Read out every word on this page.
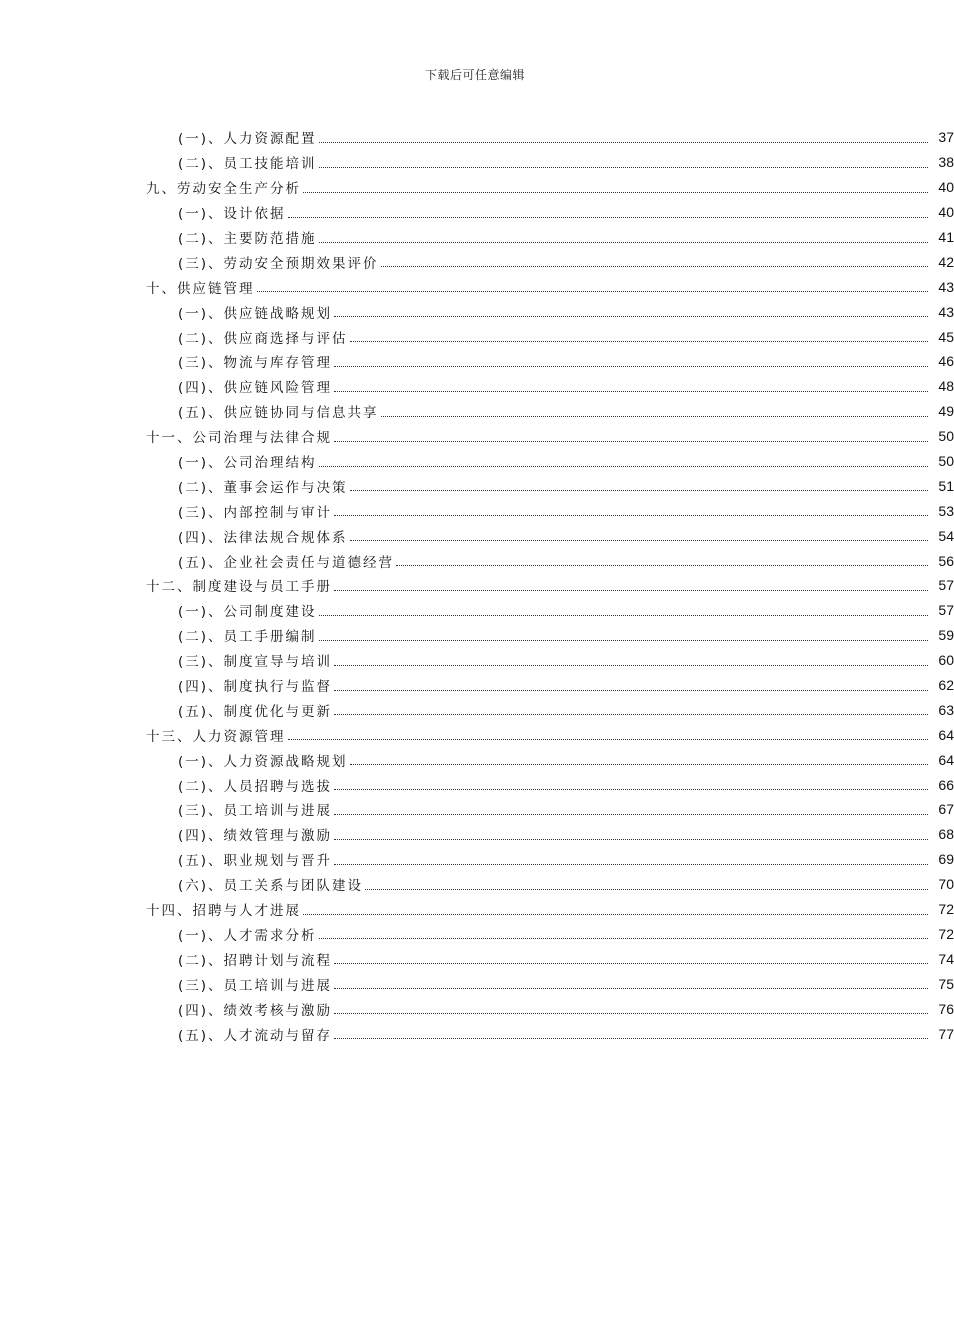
下载后可任意编辑
(一)、人力资源配置	37
(二)、员工技能培训	38
九、劳动安全生产分析	40
(一)、设计依据	40
(二)、主要防范措施	41
(三)、劳动安全预期效果评价	42
十、供应链管理	43
(一)、供应链战略规划	43
(二)、供应商选择与评估	45
(三)、物流与库存管理	46
(四)、供应链风险管理	48
(五)、供应链协同与信息共享	49
十一、公司治理与法律合规	50
(一)、公司治理结构	50
(二)、董事会运作与决策	51
(三)、内部控制与审计	53
(四)、法律法规合规体系	54
(五)、企业社会责任与道德经营	56
十二、制度建设与员工手册	57
(一)、公司制度建设	57
(二)、员工手册编制	59
(三)、制度宣导与培训	60
(四)、制度执行与监督	62
(五)、制度优化与更新	63
十三、人力资源管理	64
(一)、人力资源战略规划	64
(二)、人员招聘与选拔	66
(三)、员工培训与进展	67
(四)、绩效管理与激励	68
(五)、职业规划与晋升	69
(六)、员工关系与团队建设	70
十四、招聘与人才进展	72
(一)、人才需求分析	72
(二)、招聘计划与流程	74
(三)、员工培训与进展	75
(四)、绩效考核与激励	76
(五)、人才流动与留存	77
